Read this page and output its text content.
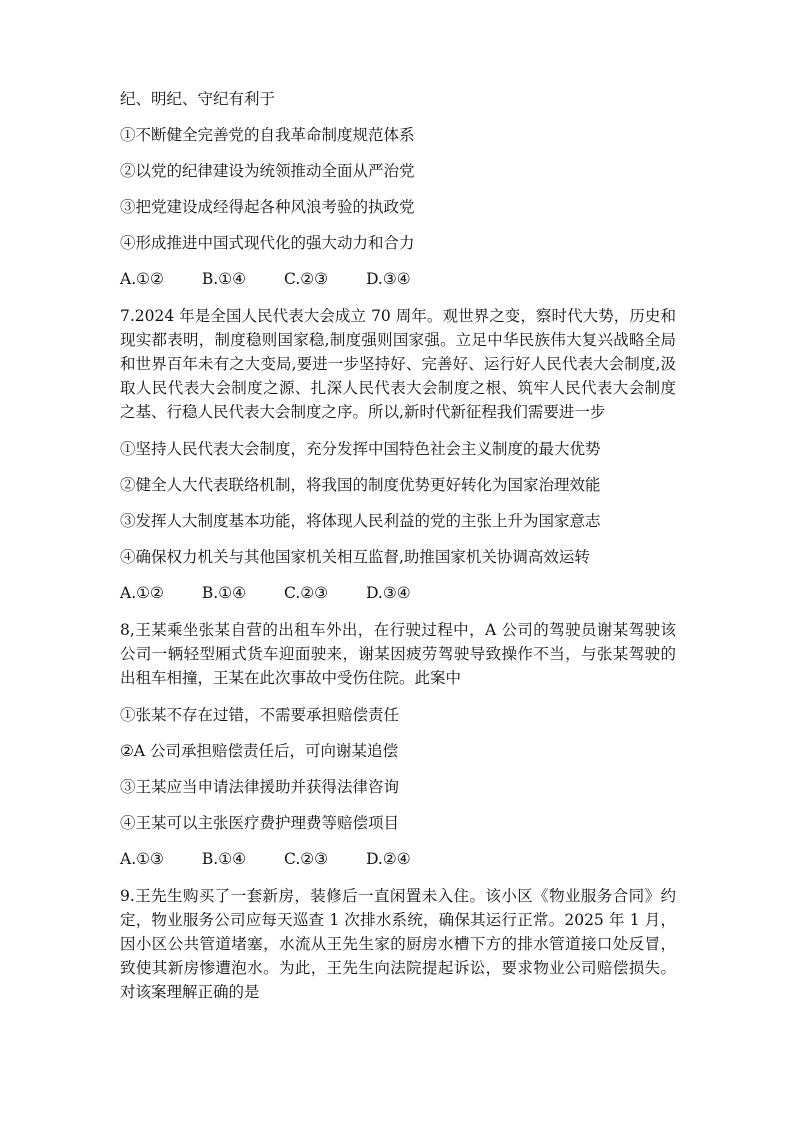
纪、明纪、守纪有利于

①不断健全完善党的自我革命制度规范体系

②以党的纪律建设为统领推动全面从严治党

③把党建设成经得起各种风浪考验的执政党

④形成推进中国式现代化的强大动力和合力

A.①② B.①④ C.②③ D.③④

7.2024 年是全国人民代表大会成立 70 周年。观世界之变，察时代大势，历史和现实都表明，制度稳则国家稳,制度强则国家强。立足中华民族伟大复兴战略全局和世界百年未有之大变局,要进一步坚持好、完善好、运行好人民代表大会制度,汲取人民代表大会制度之源、扎深人民代表大会制度之根、筑牢人民代表大会制度之基、行稳人民代表大会制度之序。所以,新时代新征程我们需要进一步

①坚持人民代表大会制度，充分发挥中国特色社会主义制度的最大优势

②健全人大代表联络机制，将我国的制度优势更好转化为国家治理效能

③发挥人大制度基本功能，将体现人民利益的党的主张上升为国家意志

④确保权力机关与其他国家机关相互监督,助推国家机关协调高效运转

A.①② B.①④ C.②③ D.③④

8,王某乘坐张某自营的出租车外出，在行驶过程中，A 公司的驾驶员谢某驾驶该公司一辆轻型厢式货车迎面驶来，谢某因疲劳驾驶导致操作不当，与张某驾驶的出租车相撞，王某在此次事故中受伤住院。此案中

①张某不存在过错，不需要承担赔偿责任

②A 公司承担赔偿责任后，可向谢某追偿

③王某应当申请法律援助并获得法律咨询

④王某可以主张医疗费护理费等赔偿项目

A.①③ B.①④ C.②③ D.②④

9.王先生购买了一套新房，装修后一直闲置未入住。该小区《物业服务合同》约定，物业服务公司应每天巡查 1 次排水系统，确保其运行正常。2025 年 1 月，因小区公共管道堵塞，水流从王先生家的厨房水槽下方的排水管道接口处反冒，致使其新房惨遭泡水。为此，王先生向法院提起诉讼，要求物业公司赔偿损失。对该案理解正确的是
